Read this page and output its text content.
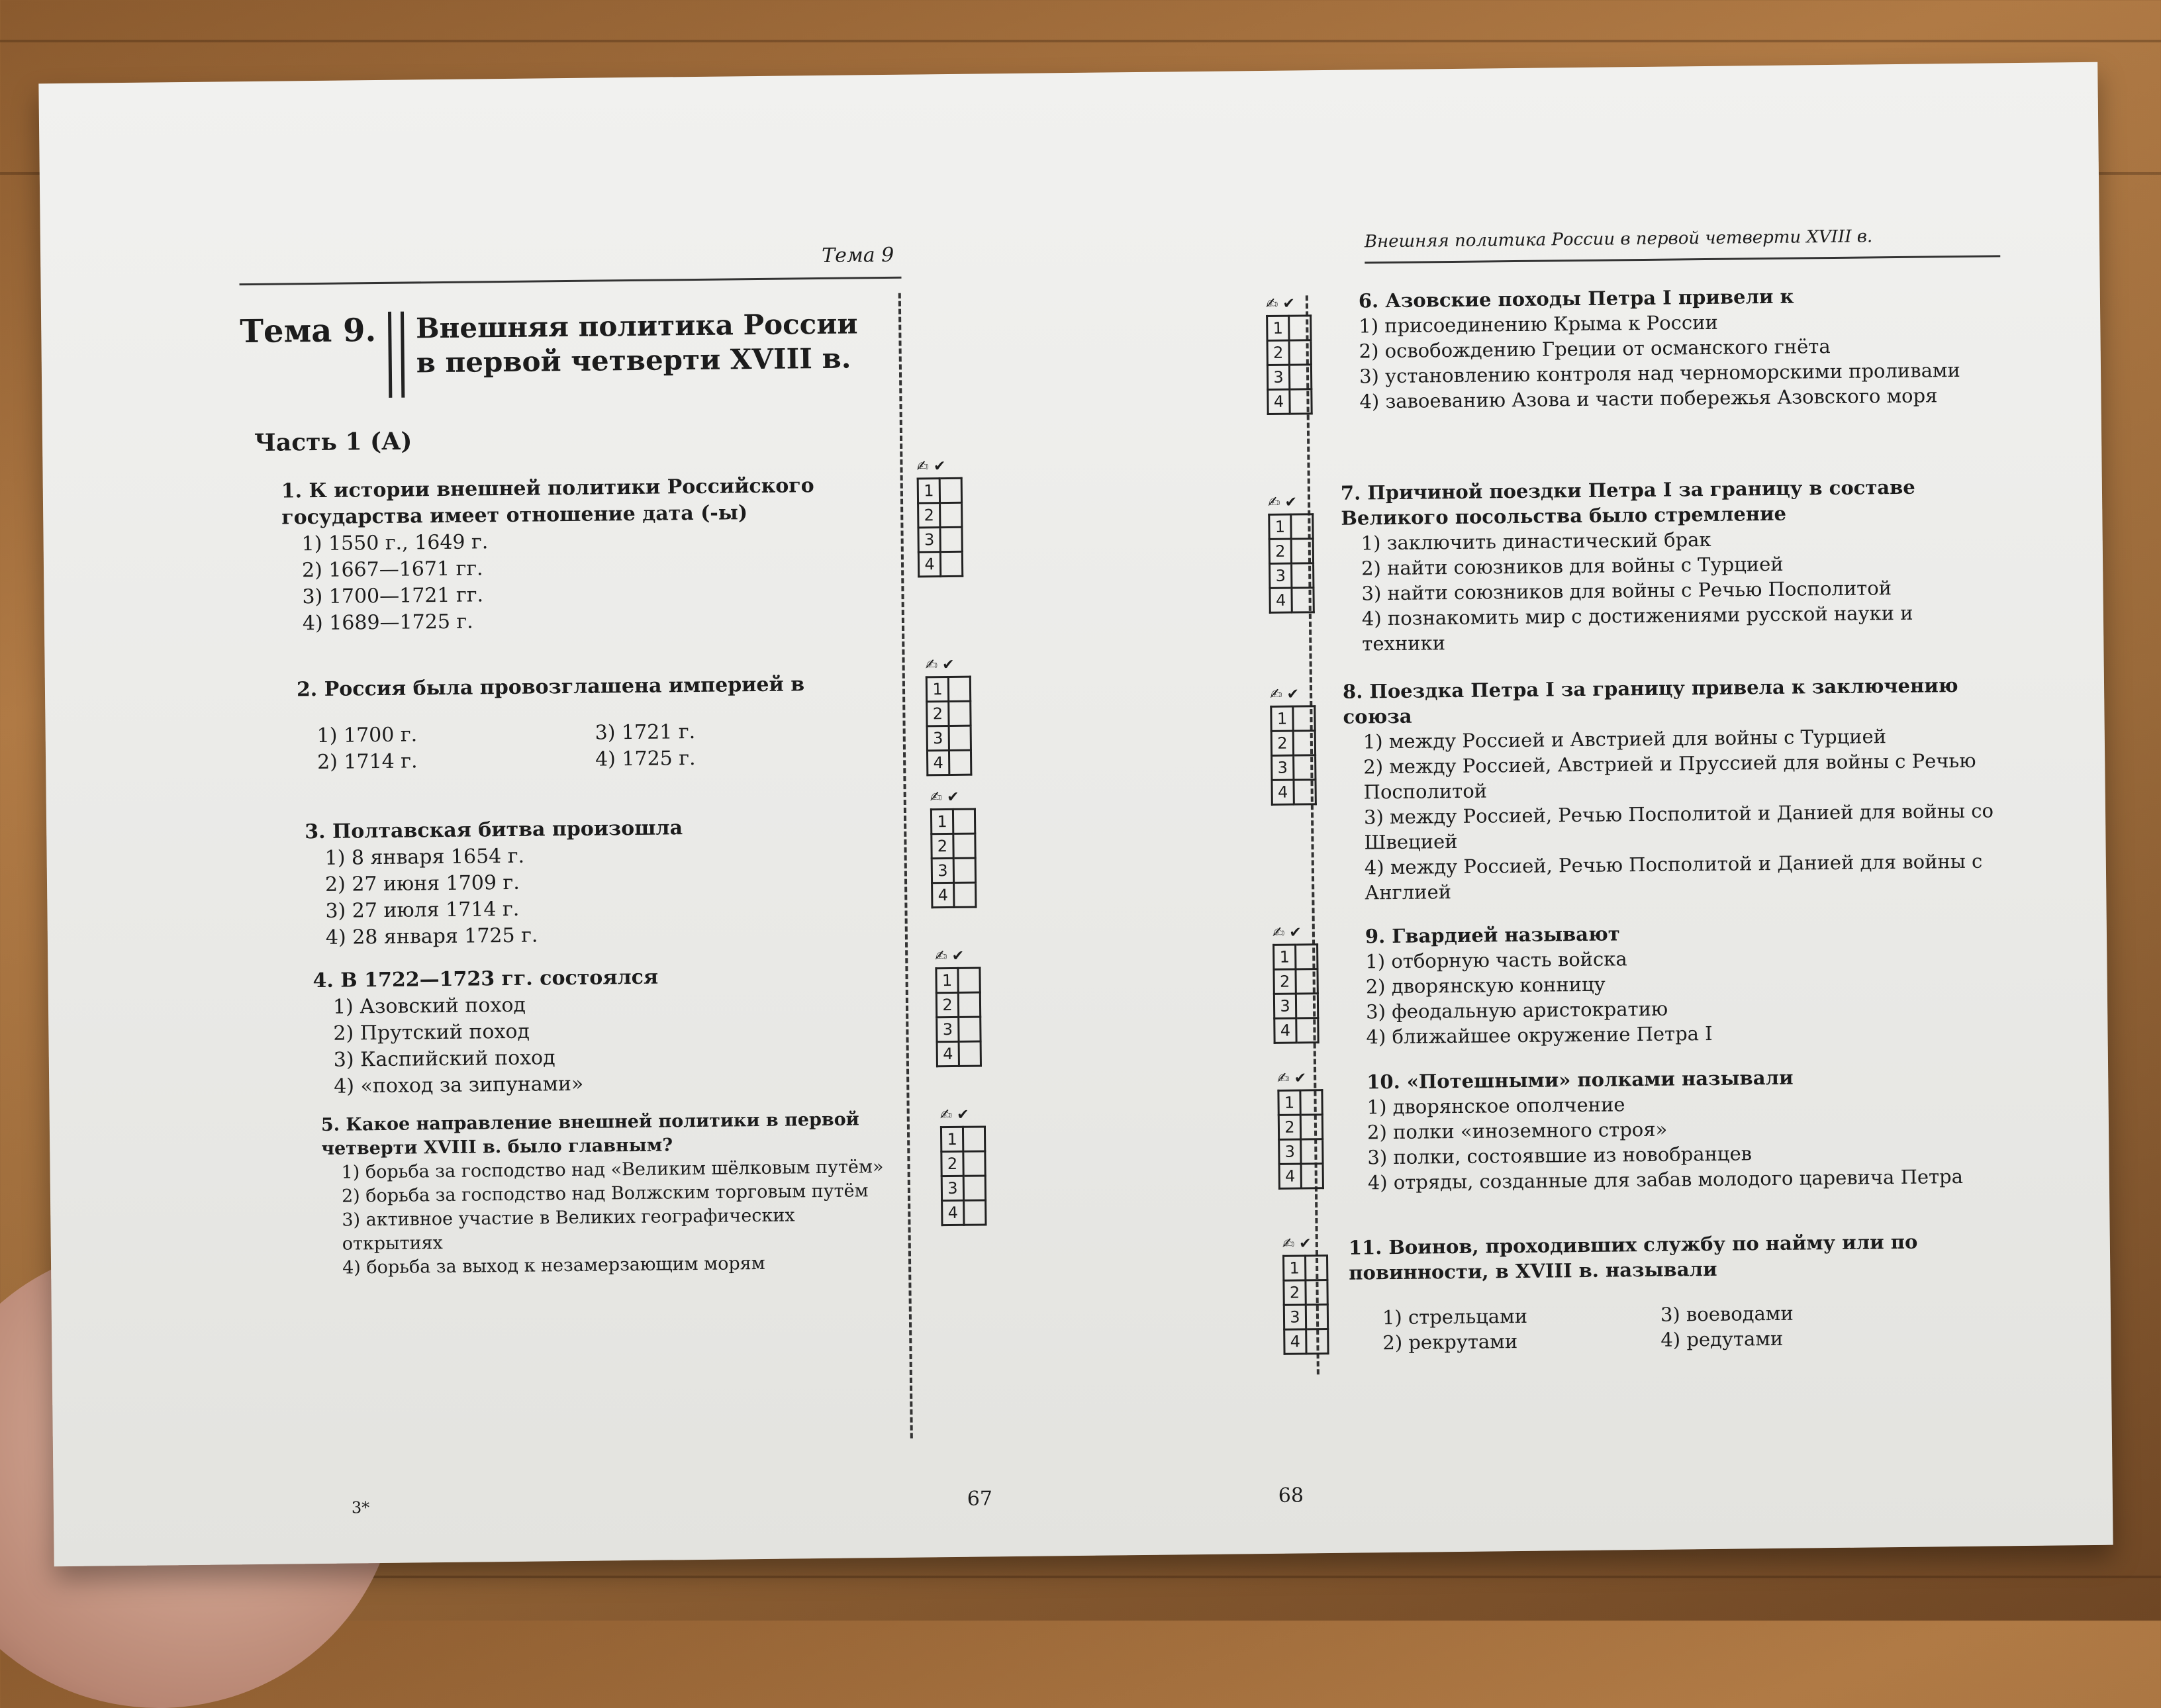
Тема 9
Тема 9. Внешняя политика России
в первой четверти XVIII в.
Часть 1 (А)
1. К истории внешней политики Российского государства имеет отношение дата (-ы)
1) 1550 г., 1649 г.
2) 1667—1671 гг.
3) 1700—1721 гг.
4) 1689—1725 г.
2. Россия была провозглашена империей в
1) 1700 г.	3) 1721 г.
2) 1714 г.	4) 1725 г.
3. Полтавская битва произошла
1) 8 января 1654 г.
2) 27 июня 1709 г.
3) 27 июля 1714 г.
4) 28 января 1725 г.
4. В 1722—1723 гг. состоялся
1) Азовский поход
2) Прутский поход
3) Каспийский поход
4) «поход за зипунами»
5. Какое направление внешней политики в первой четверти XVIII в. было главным?
1) борьба за господство над «Великим шёлковым путём»
2) борьба за господство над Волжским торговым путём
3) активное участие в Великих географических открытиях
4) борьба за выход к незамерзающим морям
✍ ✔
1	
2	
3	
4	
✍ ✔
1	
2	
3	
4	
✍ ✔
1	
2	
3	
4	
✍ ✔
1	
2	
3	
4	
✍ ✔
1	
2	
3	
4	
67
3*
Внешняя политика России в первой четверти XVIII в.
6. Азовские походы Петра I привели к
1) присоединению Крыма к России
2) освобождению Греции от османского гнёта
3) установлению контроля над черноморскими проливами
4) завоеванию Азова и части побережья Азовского моря
7. Причиной поездки Петра I за границу в составе Великого посольства было стремление
1) заключить династический брак
2) найти союзников для войны с Турцией
3) найти союзников для войны с Речью Посполитой
4) познакомить мир с достижениями русской науки и техники
8. Поездка Петра I за границу привела к заключению союза
1) между Россией и Австрией для войны с Турцией
2) между Россией, Австрией и Пруссией для войны с Речью Посполитой
3) между Россией, Речью Посполитой и Данией для войны со Швецией
4) между Россией, Речью Посполитой и Данией для войны с Англией
9. Гвардией называют
1) отборную часть войска
2) дворянскую конницу
3) феодальную аристократию
4) ближайшее окружение Петра I
10. «Потешными» полками называли
1) дворянское ополчение
2) полки «иноземного строя»
3) полки, состоявшие из новобранцев
4) отряды, созданные для забав молодого царевича Петра
11. Воинов, проходивших службу по найму или по повинности, в XVIII в. называли
1) стрельцами	3) воеводами
2) рекрутами	4) редутами
✍ ✔
1	
2	
3	
4	
✍ ✔
1	
2	
3	
4	
✍ ✔
1	
2	
3	
4	
✍ ✔
1	
2	
3	
4	
✍ ✔
1	
2	
3	
4	
✍ ✔
1	
2	
3	
4	
68
